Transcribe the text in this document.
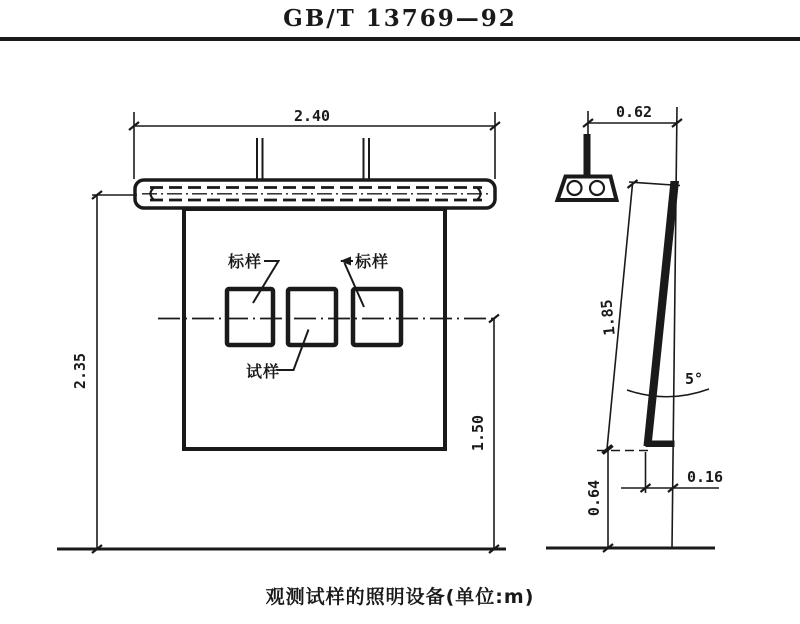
GB/T 13769—92
2.40
标样	标样
试样
2.35
1.50
0.62
1.85
5°
0.64
0.16
观测试样的照明设备(单位:m)
